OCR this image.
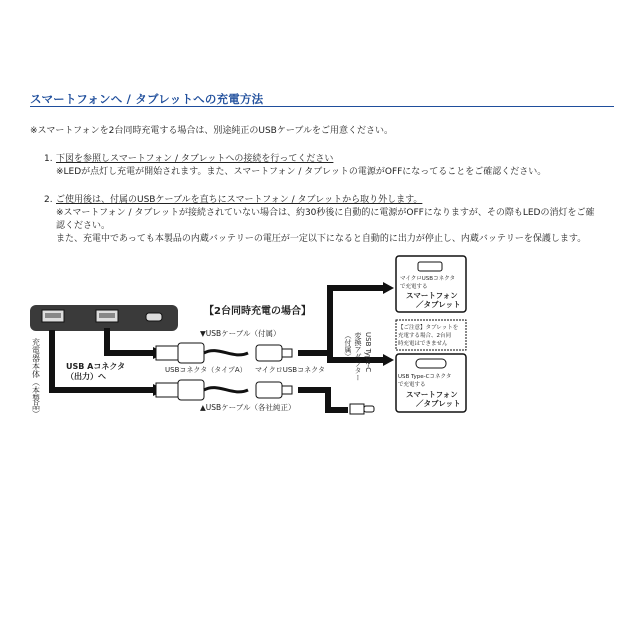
スマートフォンへ / タブレットへの充電方法
※スマートフォンを2台同時充電する場合は、別途純正のUSBケーブルをご用意ください。
1. 下図を参照しスマートフォン / タブレットへの接続を行ってください
※LEDが点灯し充電が開始されます。また、スマートフォン / タブレットの電源がOFFになってることをご確認ください。
2. ご使用後は、付属のUSBケーブルを直ちにスマートフォン / タブレットから取り外します。
※スマートフォン / タブレットが接続されていない場合は、約30秒後に自動的に電源がOFFになりますが、その際もLEDの消灯をご確
認ください。
また、充電中であっても本製品の内蔵バッテリーの電圧が一定以下になると自動的に出力が停止し、内蔵バッテリーを保護します。
【2台同時充電の場合】
充電器本体（本製品）	USB Aコネクタ
（出力）へ
▼USBケーブル（付属）
USBコネクタ（タイプA） マイクロUSBコネクタ
▲USBケーブル（各社純正）
USB Type-C
変換アダプター
（付属）
マイクロUSBコネクタ
で充電する
スマートフォン
／タブレット
【ご注意】タブレットを
充電する場合、2台同
時充電はできません
USB Type-Cコネクタ
で充電する
スマートフォン
／タブレット
